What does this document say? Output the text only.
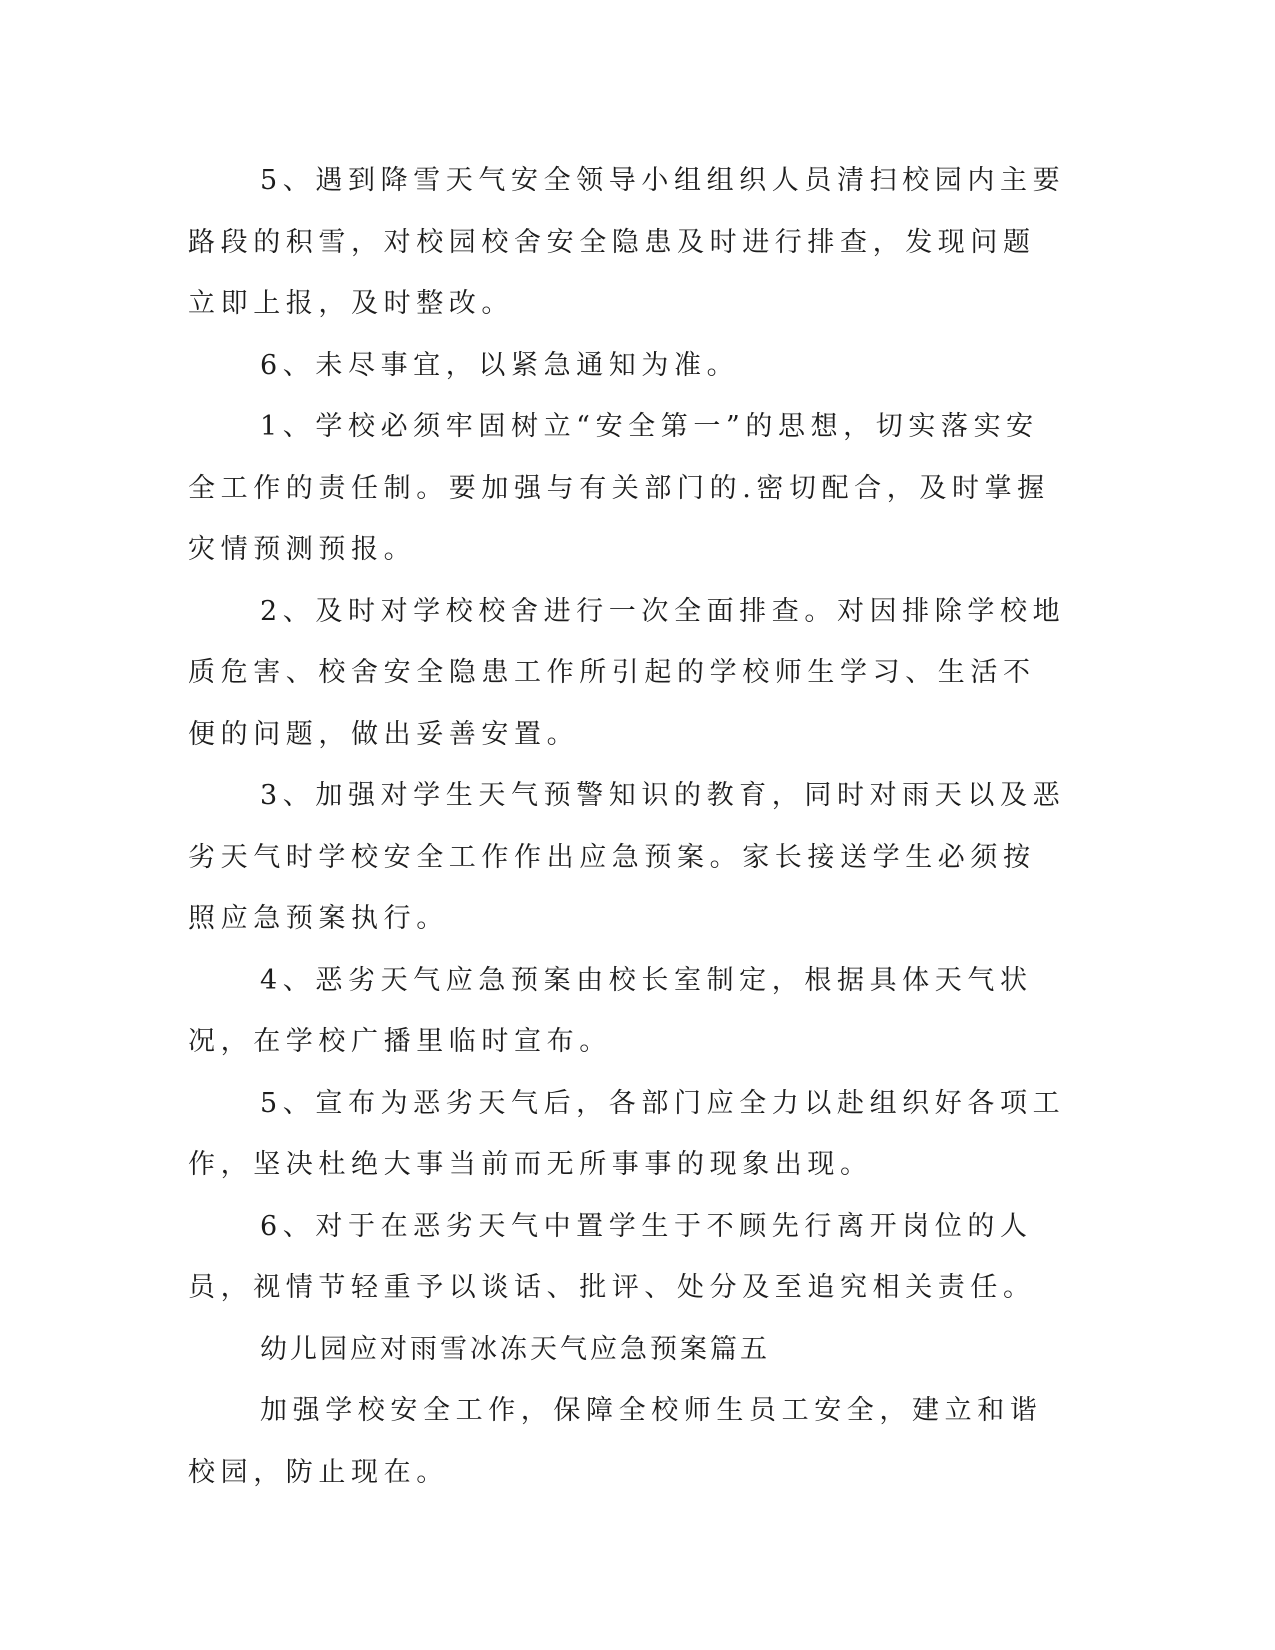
5、遇到降雪天气安全领导小组组织人员清扫校园内主要路段的积雪，对校园校舍安全隐患及时进行排查，发现问题立即上报，及时整改。

6、未尽事宜，以紧急通知为准。

1、学校必须牢固树立“安全第一”的思想，切实落实安全工作的责任制。要加强与有关部门的.密切配合，及时掌握灾情预测预报。

2、及时对学校校舍进行一次全面排查。对因排除学校地质危害、校舍安全隐患工作所引起的学校师生学习、生活不便的问题，做出妥善安置。

3、加强对学生天气预警知识的教育，同时对雨天以及恶劣天气时学校安全工作作出应急预案。家长接送学生必须按照应急预案执行。

4、恶劣天气应急预案由校长室制定，根据具体天气状况，在学校广播里临时宣布。

5、宣布为恶劣天气后，各部门应全力以赴组织好各项工作，坚决杜绝大事当前而无所事事的现象出现。

6、对于在恶劣天气中置学生于不顾先行离开岗位的人员，视情节轻重予以谈话、批评、处分及至追究相关责任。

幼儿园应对雨雪冰冻天气应急预案篇五

加强学校安全工作，保障全校师生员工安全，建立和谐校园，防止现在。
